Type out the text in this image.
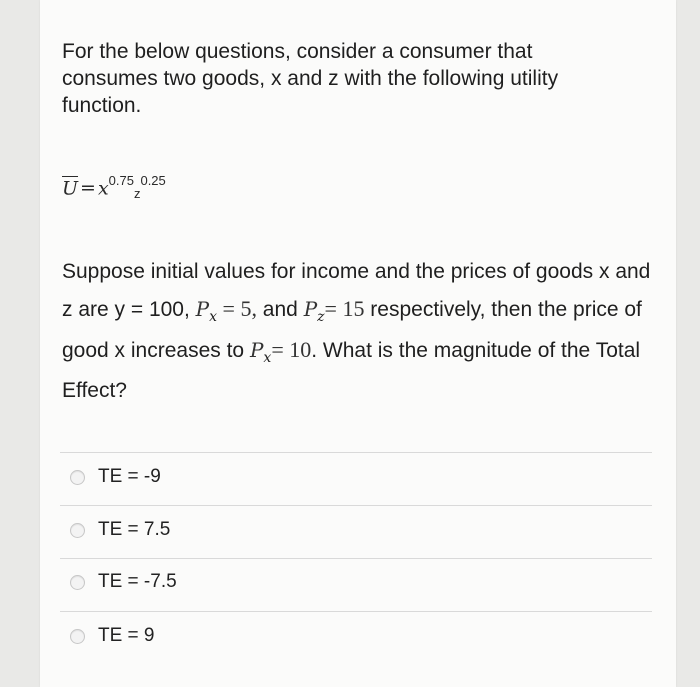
For the below questions, consider a consumer that consumes two goods, x and z with the following utility function.
$\overline{U} = x^{0.75}_z^{0.25}$
Suppose initial values for income and the prices of goods x and z are y = 100, $P_x = 5$, and $P_z= 15$ respectively, then the price of good x increases to $P_x= 10$. What is the magnitude of the Total Effect?
TE = -9
TE = 7.5
TE = -7.5
TE = 9
